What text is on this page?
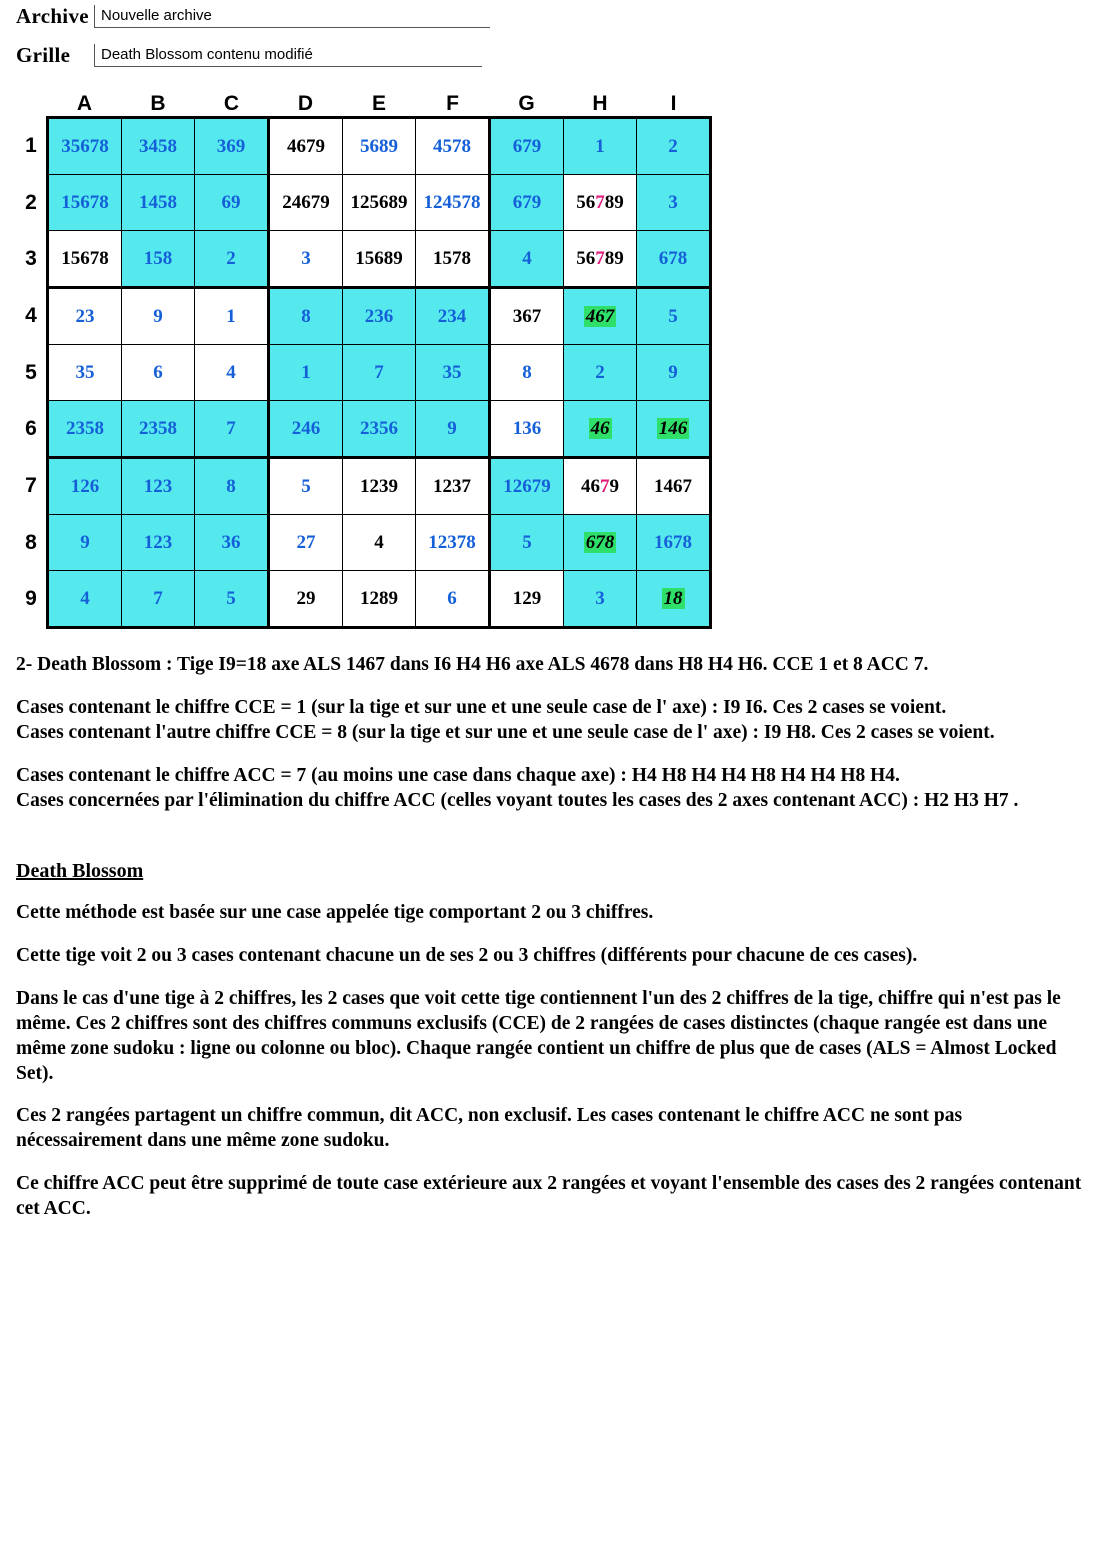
Archive
Nouvelle archive
Grille
Death Blossom contenu modifié
	A	B	C	D	E	F	G	H	I
1	35678	3458	369	4679	5689	4578	679	1	2
2	15678	1458	69	24679	125689	124578	679	56789	3
3	15678	158	2	3	15689	1578	4	56789	678
4	23	9	1	8	236	234	367	467	5
5	35	6	4	1	7	35	8	2	9
6	2358	2358	7	246	2356	9	136	46	146
7	126	123	8	5	1239	1237	12679	4679	1467
8	9	123	36	27	4	12378	5	678	1678
9	4	7	5	29	1289	6	129	3	18

2- Death Blossom : Tige I9=18 axe ALS 1467 dans I6 H4 H6 axe ALS 4678 dans H8 H4 H6. CCE 1 et 8 ACC 7.

Cases contenant le chiffre CCE = 1 (sur la tige et sur une et une seule case de l' axe) : I9 I6. Ces 2 cases se voient.

Cases contenant l'autre chiffre CCE = 8 (sur la tige et sur une et une seule case de l' axe) : I9 H8. Ces 2 cases se voient.

Cases contenant le chiffre ACC = 7 (au moins une case dans chaque axe) : H4 H8 H4 H4 H8 H4 H4 H8 H4.

Cases concernées par l'élimination du chiffre ACC (celles voyant toutes les cases des 2 axes contenant ACC) : H2 H3 H7 .

Death Blossom

Cette méthode est basée sur une case appelée tige comportant 2 ou 3 chiffres.

Cette tige voit 2 ou 3 cases contenant chacune un de ses 2 ou 3 chiffres (différents pour chacune de ces cases).

Dans le cas d'une tige à 2 chiffres, les 2 cases que voit cette tige contiennent l'un des 2 chiffres de la tige, chiffre qui n'est pas le même. Ces 2 chiffres sont des chiffres communs exclusifs (CCE) de 2 rangées de cases distinctes (chaque rangée est dans une même zone sudoku : ligne ou colonne ou bloc). Chaque rangée contient un chiffre de plus que de cases (ALS = Almost Locked Set).

Ces 2 rangées partagent un chiffre commun, dit ACC, non exclusif. Les cases contenant le chiffre ACC ne sont pas nécessairement dans une même zone sudoku.

Ce chiffre ACC peut être supprimé de toute case extérieure aux 2 rangées et voyant l'ensemble des cases des 2 rangées contenant cet ACC.
